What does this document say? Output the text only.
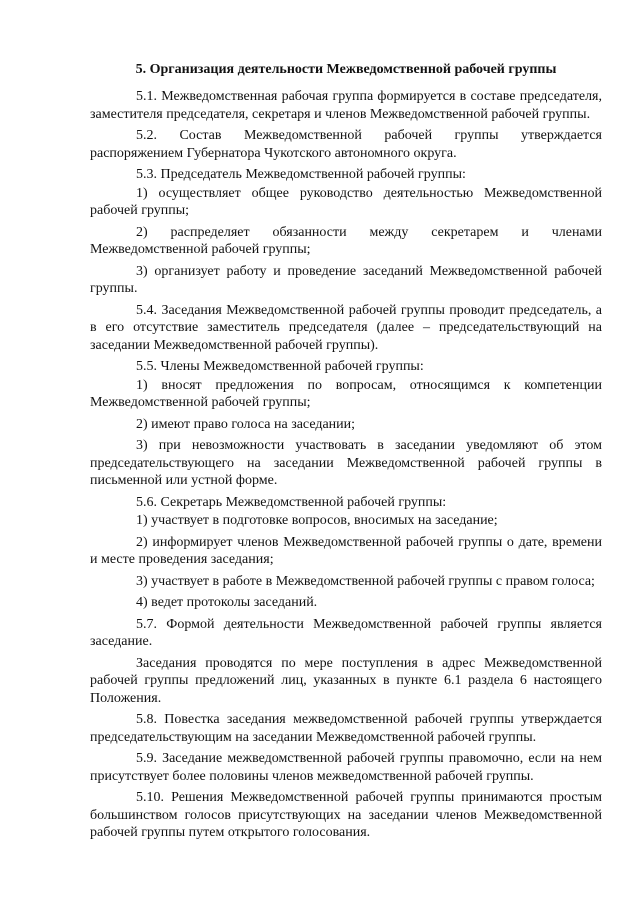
5. Организация деятельности Межведомственной рабочей группы

5.1. Межведомственная рабочая группа формируется в составе председателя, заместителя председателя, секретаря и членов Межведомственной рабочей группы.

5.2. Состав Межведомственной рабочей группы утверждается распоряжением Губернатора Чукотского автономного округа.

5.3. Председатель Межведомственной рабочей группы:

1) осуществляет общее руководство деятельностью Межведомственной рабочей группы;

2) распределяет обязанности между секретарем и членами Межведомственной рабочей группы;

3) организует работу и проведение заседаний Межведомственной рабочей группы.

5.4. Заседания Межведомственной рабочей группы проводит председатель, а в его отсутствие заместитель председателя (далее – председательствующий на заседании Межведомственной рабочей группы).

5.5. Члены Межведомственной рабочей группы:

1) вносят предложения по вопросам, относящимся к компетенции Межведомственной рабочей группы;

2) имеют право голоса на заседании;

3) при невозможности участвовать в заседании уведомляют об этом председательствующего на заседании Межведомственной рабочей группы в письменной или устной форме.

5.6. Секретарь Межведомственной рабочей группы:

1) участвует в подготовке вопросов, вносимых на заседание;

2) информирует членов Межведомственной рабочей группы о дате, времени и месте проведения заседания;

3) участвует в работе в Межведомственной рабочей группы с правом голоса;

4) ведет протоколы заседаний.

5.7. Формой деятельности Межведомственной рабочей группы является заседание.

Заседания проводятся по мере поступления в адрес Межведомственной рабочей группы предложений лиц, указанных в пункте 6.1 раздела 6 настоящего Положения.

5.8. Повестка заседания межведомственной рабочей группы утверждается председательствующим на заседании Межведомственной рабочей группы.

5.9. Заседание межведомственной рабочей группы правомочно, если на нем присутствует более половины членов межведомственной рабочей группы.

5.10. Решения Межведомственной рабочей группы принимаются простым большинством голосов присутствующих на заседании членов Межведомственной рабочей группы путем открытого голосования.
